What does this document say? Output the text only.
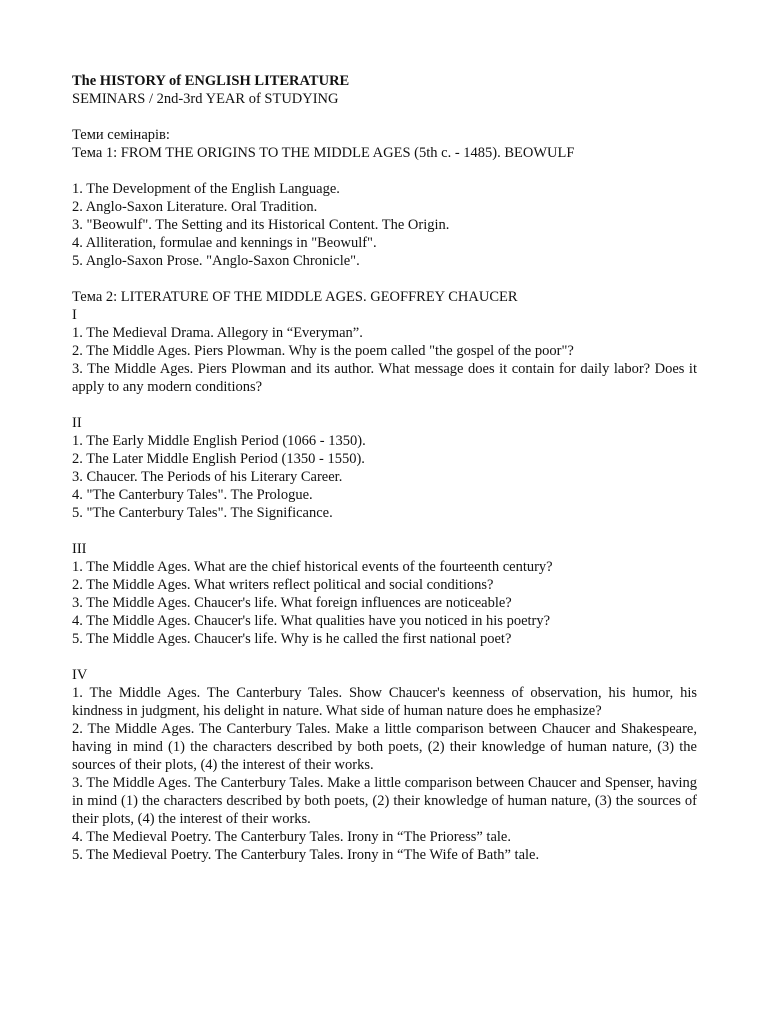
The HISTORY of ENGLISH LITERATURE

SEMINARS / 2nd-3rd YEAR of STUDYING

Теми семінарів:

Тема 1: FROM THE ORIGINS TO THE MIDDLE AGES (5th c. - 1485). BEOWULF

1. The Development of the English Language.
2. Anglo-Saxon Literature. Oral Tradition.
3. "Beowulf". The Setting and its Historical Content. The Origin.
4. Alliteration, formulae and kennings in "Beowulf".
5. Anglo-Saxon Prose. "Anglo-Saxon Chronicle".

Тема 2: LITERATURE OF THE MIDDLE AGES. GEOFFREY CHAUCER

I

1. The Medieval Drama. Allegory in “Everyman”.
2. The Middle Ages. Piers Plowman. Why is the poem called "the gospel of the poor"?
3. The Middle Ages. Piers Plowman and its author. What message does it contain for daily labor? Does it apply to any modern conditions?

II

1. The Early Middle English Period (1066 - 1350).
2. The Later Middle English Period (1350 - 1550).
3. Chaucer. The Periods of his Literary Career.
4. "The Canterbury Tales". The Prologue.
5. "The Canterbury Tales". The Significance.

III

1. The Middle Ages. What are the chief historical events of the fourteenth century?
2. The Middle Ages. What writers reflect political and social conditions?
3. The Middle Ages. Chaucer's life. What foreign influences are noticeable?
4. The Middle Ages. Chaucer's life. What qualities have you noticed in his poetry?
5. The Middle Ages. Chaucer's life. Why is he called the first national poet?

IV

1. The Middle Ages. The Canterbury Tales. Show Chaucer's keenness of observation, his humor, his kindness in judgment, his delight in nature. What side of human nature does he emphasize?
2. The Middle Ages. The Canterbury Tales. Make a little comparison between Chaucer and Shakespeare, having in mind (1) the characters described by both poets, (2) their knowledge of human nature, (3) the sources of their plots, (4) the interest of their works.
3. The Middle Ages. The Canterbury Tales. Make a little comparison between Chaucer and Spenser, having in mind (1) the characters described by both poets, (2) their knowledge of human nature, (3) the sources of their plots, (4) the interest of their works.
4. The Medieval Poetry. The Canterbury Tales. Irony in “The Prioress” tale.
5. The Medieval Poetry. The Canterbury Tales. Irony in “The Wife of Bath” tale.
